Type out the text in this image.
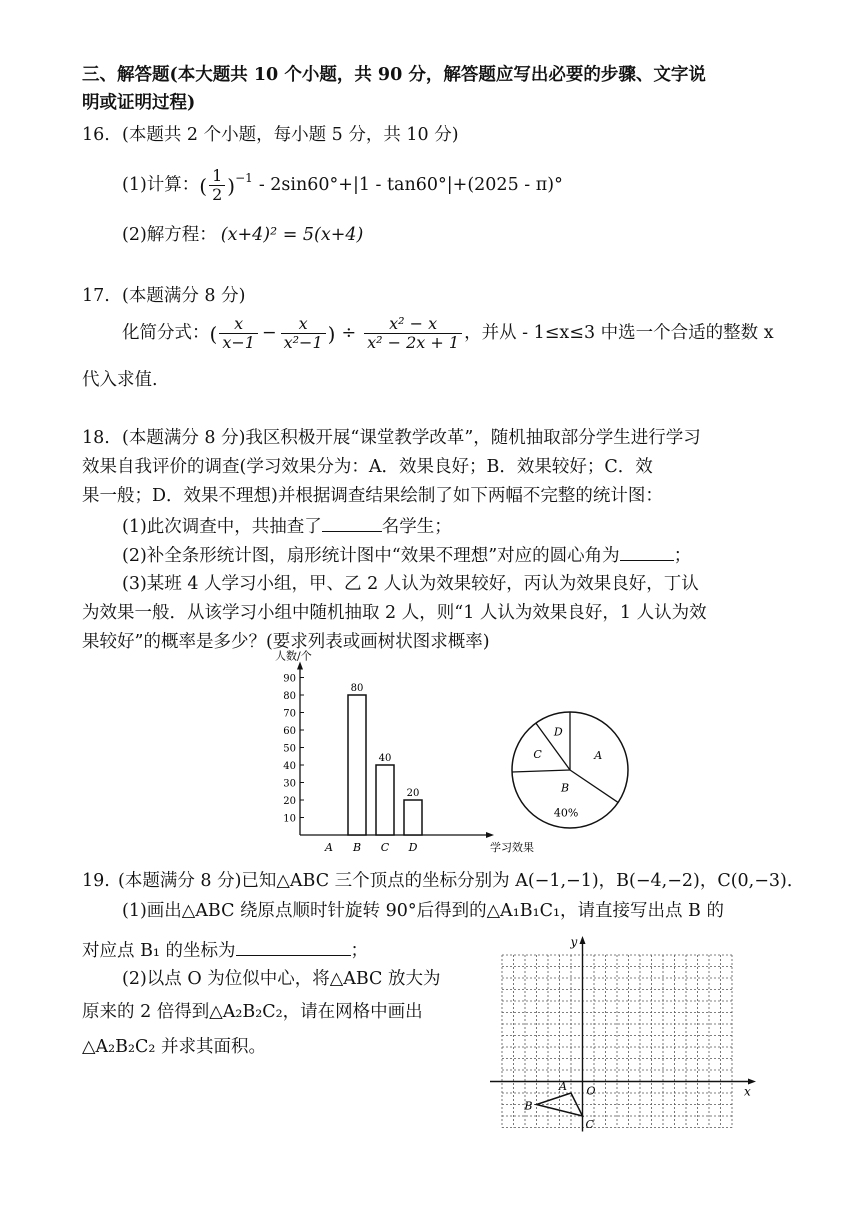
三、解答题(本大题共 10 个小题，共 90 分，解答题应写出必要的步骤、文字说
明或证明过程)
16. (本题共 2 个小题，每小题 5 分，共 10 分)
(1)计算： ( $\frac{1}{2} )^{-1} - 2\sin 60^\circ+|1 - \tan 60^\circ|+(2025 - \pi)^\circ$
(2)解方程： (x+4)² = 5(x+4)
17. (本题满分 8 分)
化简分式： ( $\frac{x}{x-1} - \frac{x}{\text{x²−1}}$ ) ÷ $\frac{\text{x² − x}}{\text{x² − 2x + 1}}$ ，并从 - 1≤x≤3 中选一个合适的整数 x
代入求值.
18. (本题满分 8 分)我区积极开展“课堂教学改革”，随机抽取部分学生进行学习
效果自我评价的调查(学习效果分为：A．效果良好；B．效果较好；C．效
果一般；D．效果不理想)并根据调查结果绘制了如下两幅不完整的统计图：
(1)此次调查中，共抽查了	名学生；
(2)补全条形统计图，扇形统计图中“效果不理想”对应的圆心角为	；
(3)某班 4 人学习小组，甲、乙 2 人认为效果较好，丙认为效果良好，丁认
为效果一般．从该学习小组中随机抽取 2 人，则“1 人认为效果良好，1 人认为效
果较好”的概率是多少？(要求列表或画树状图求概率)
人数/个
学习效果
10
20
30
40
50
60
70
80
90
A B
80
C
40
D
20
A
B
C
D
40%
19. (本题满分 8 分)已知△ABC 三个顶点的坐标分别为 A(−1,−1)，B(−4,−2)，C(0,−3)．
(1)画出△ABC 绕原点顺时针旋转 90°后得到的△A₁B₁C₁，请直接写出点 B 的
对应点 B₁ 的坐标为	；
(2)以点 O 为位似中心，将△ABC 放大为
原来的 2 倍得到△A₂B₂C₂，请在网格中画出
△A₂B₂C₂ 并求其面积。
y
x
O
A
B
C
